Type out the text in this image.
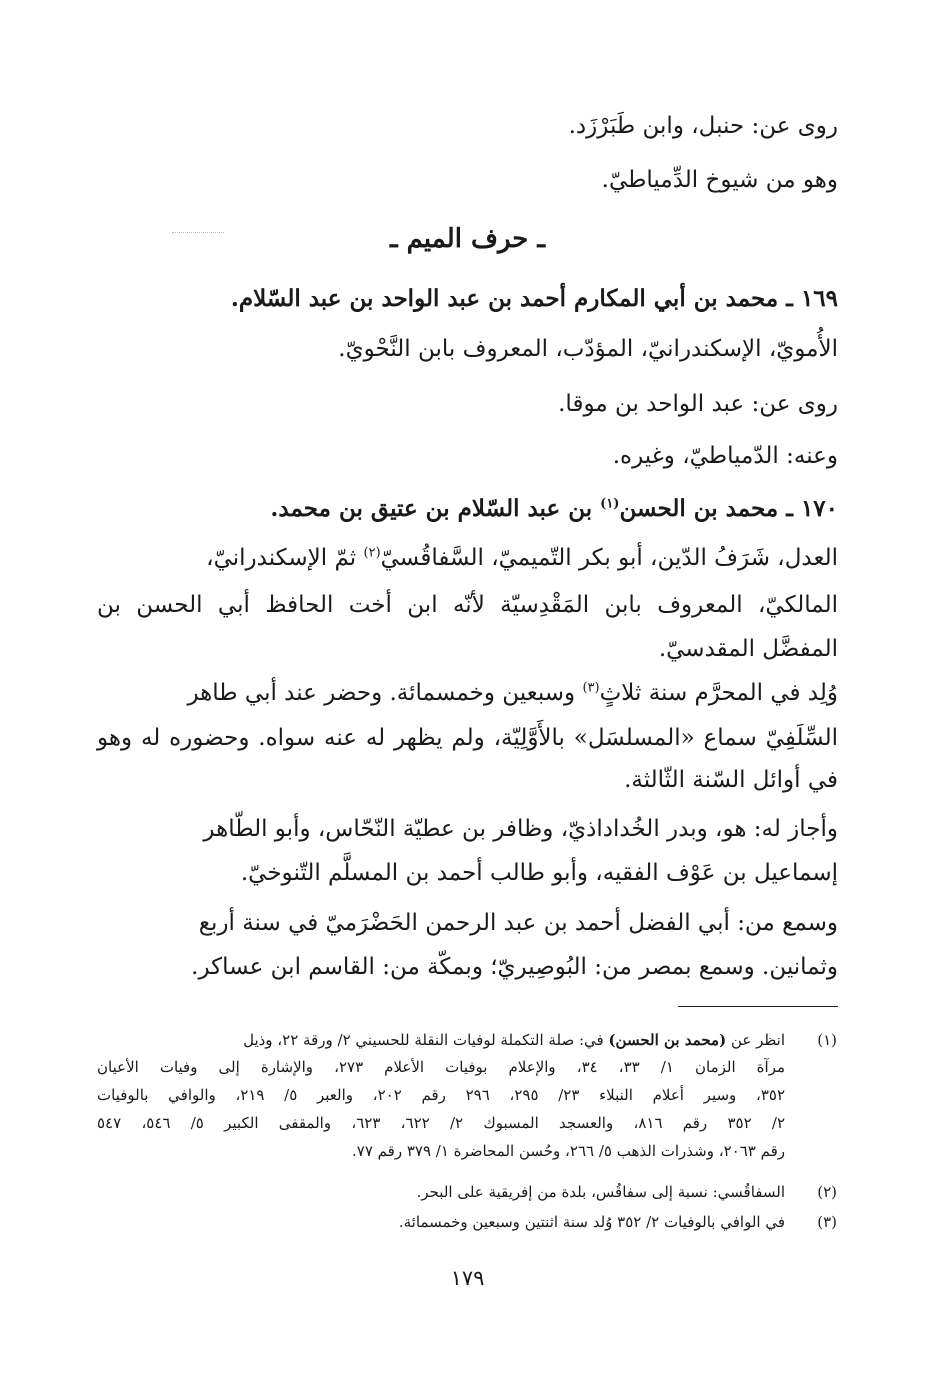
روى عن: حنبل، وابن طَبَرْزَد.
وهو من شيوخ الدِّمياطيّ.
ـ حرف الميم ـ
١٦٩ ـ محمد بن أبي المكارم أحمد بن عبد الواحد بن عبد السّلام.
الأُمويّ، الإسكندرانيّ، المؤدّب، المعروف بابن النَّحْويّ.
روى عن: عبد الواحد بن موقا.
وعنه: الدّمياطيّ، وغيره.
١٧٠ ـ محمد بن الحسن$^{(١)}$ بن عبد السّلام بن عتيق بن محمد.
العدل، شَرَفُ الدّين، أبو بكر التّميميّ، السَّفاقُسيّ$^{(٢)}$ ثمّ الإسكندرانيّ،
المالكيّ، المعروف بابن المَقْدِسيّة لأنّه ابن أخت الحافظ أبي الحسن بن
المفضَّل المقدسيّ.
وُلِد في المحرَّم سنة ثلاثٍ$^{(٣)}$ وسبعين وخمسمائة. وحضر عند أبي طاهر
السِّلَفِيّ سماع «المسلسَل» بالأَوَّلِيّة، ولم يظهر له عنه سواه. وحضوره له وهو
في أوائل السّنة الثّالثة.
وأجاز له: هو، وبدر الخُداداذيّ، وظافر بن عطيّة النّحّاس، وأبو الطّاهر
إسماعيل بن عَوْف الفقيه، وأبو طالب أحمد بن المسلَّم التّنوخيّ.
وسمع من: أبي الفضل أحمد بن عبد الرحمن الحَضْرَميّ في سنة أربع
وثمانين. وسمع بمصر من: البُوصِيريّ؛ وبمكّة من: القاسم ابن عساكر.
(١)
انظر عن (محمد بن الحسن) في: صلة التكملة لوفيات النقلة للحسيني ٢/ ورقة ٢٢، وذيل
مرآة الزمان ١/ ٣٣، ٣٤، والإعلام بوفيات الأعلام ٢٧٣، والإشارة إلى وفيات الأعيان
٣٥٢، وسير أعلام النبلاء ٢٣/ ٢٩٥، ٢٩٦ رقم ٢٠٢، والعبر ٥/ ٢١٩، والوافي بالوفيات
٢/ ٣٥٢ رقم ٨١٦، والعسجد المسبوك ٢/ ٦٢٢، ٦٢٣، والمقفى الكبير ٥/ ٥٤٦، ٥٤٧
رقم ٢٠٦٣، وشذرات الذهب ٥/ ٢٦٦، وحُسن المحاضرة ١/ ٣٧٩ رقم ٧٧.
(٢)
السفاقُسي: نسبة إلى سفاقُس، بلدة من إفريقية على البحر.
(٣)
في الوافي بالوفيات ٢/ ٣٥٢ وُلد سنة اثنتين وسبعين وخمسمائة.
١٧٩
